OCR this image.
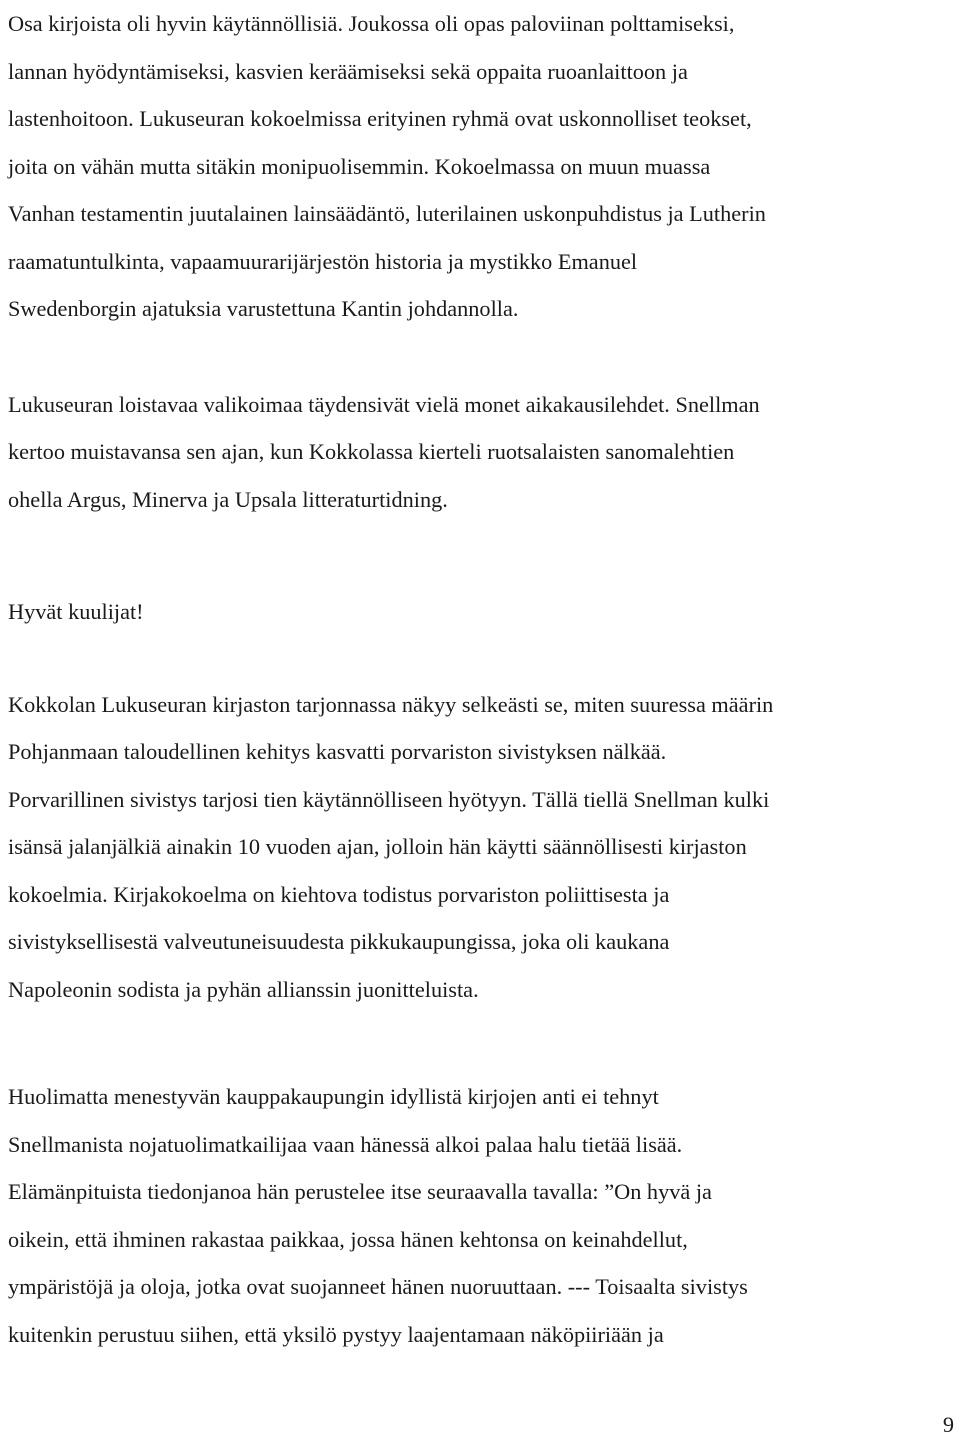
Osa kirjoista oli hyvin käytännöllisiä. Joukossa oli opas paloviinan polttamiseksi,
lannan hyödyntämiseksi, kasvien keräämiseksi sekä oppaita ruoanlaittoon ja
lastenhoitoon. Lukuseuran kokoelmissa erityinen ryhmä ovat uskonnolliset teokset,
joita on vähän mutta sitäkin monipuolisemmin. Kokoelmassa on muun muassa
Vanhan testamentin juutalainen lainsäädäntö, luterilainen uskonpuhdistus ja Lutherin
raamatuntulkinta, vapaamuurarijärjestön historia ja mystikko Emanuel
Swedenborgin ajatuksia varustettuna Kantin johdannolla.

Lukuseuran loistavaa valikoimaa täydensivät vielä monet aikakausilehdet. Snellman
kertoo muistavansa sen ajan, kun Kokkolassa kierteli ruotsalaisten sanomalehtien
ohella Argus, Minerva ja Upsala litteraturtidning.

Hyvät kuulijat!

Kokkolan Lukuseuran kirjaston tarjonnassa näkyy selkeästi se, miten suuressa määrin
Pohjanmaan taloudellinen kehitys kasvatti porvariston sivistyksen nälkää.
Porvarillinen sivistys tarjosi tien käytännölliseen hyötyyn. Tällä tiellä Snellman kulki
isänsä jalanjälkiä ainakin 10 vuoden ajan, jolloin hän käytti säännöllisesti kirjaston
kokoelmia. Kirjakokoelma on kiehtova todistus porvariston poliittisesta ja
sivistyksellisestä valveutuneisuudesta pikkukaupungissa, joka oli kaukana
Napoleonin sodista ja pyhän allianssin juonitteluista.

Huolimatta menestyvän kauppakaupungin idyllistä kirjojen anti ei tehnyt
Snellmanista nojatuolimatkailijaa vaan hänessä alkoi palaa halu tietää lisää.
Elämänpituista tiedonjanoa hän perustelee itse seuraavalla tavalla: ”On hyvä ja
oikein, että ihminen rakastaa paikkaa, jossa hänen kehtonsa on keinahdellut,
ympäristöjä ja oloja, jotka ovat suojanneet hänen nuoruuttaan. --- Toisaalta sivistys
kuitenkin perustuu siihen, että yksilö pystyy laajentamaan näköpiiriään ja

9
